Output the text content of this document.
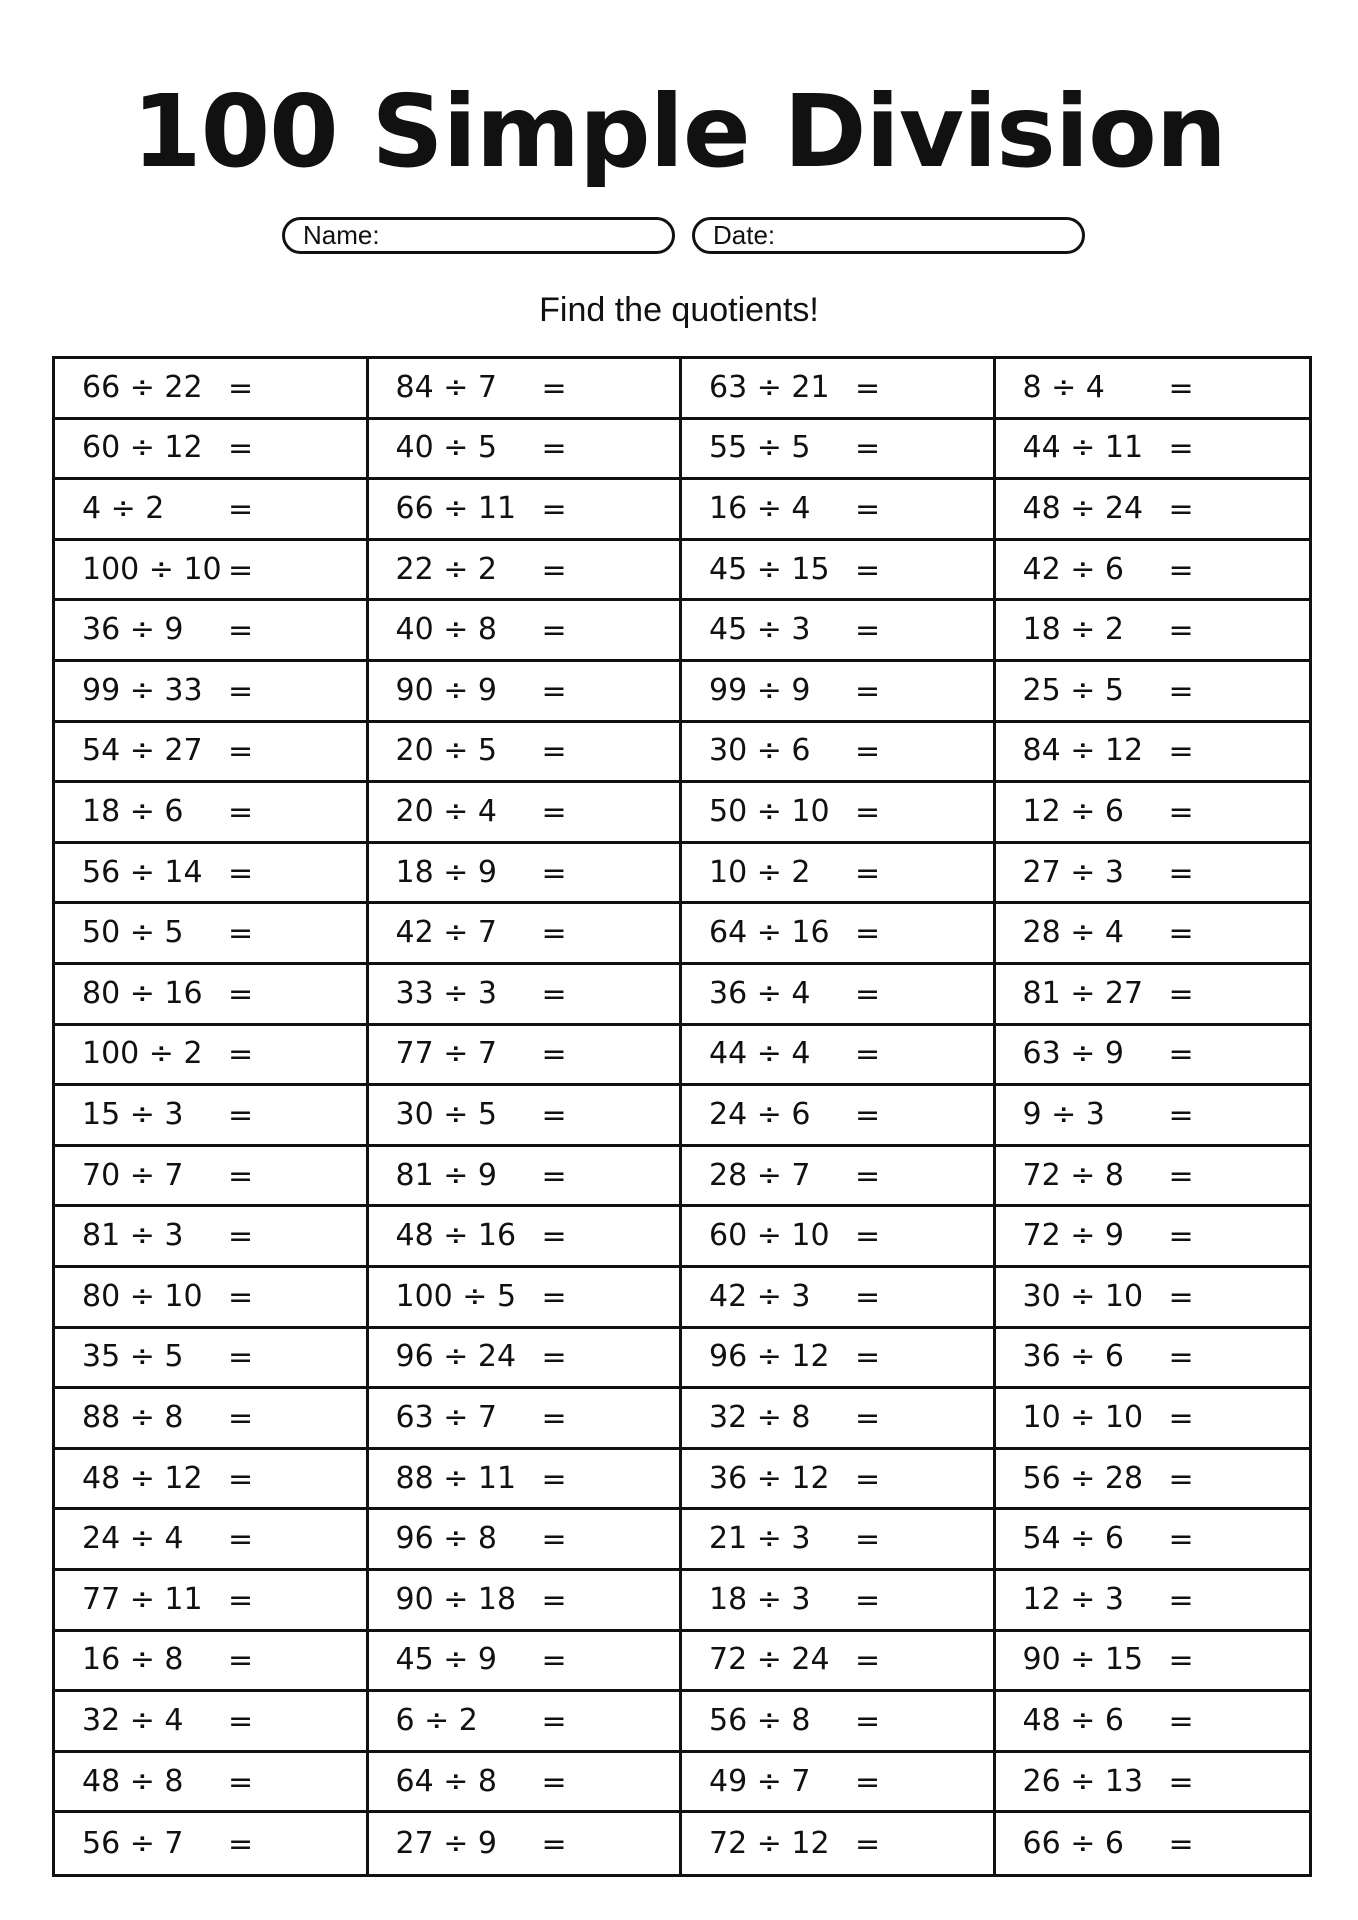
100 Simple Division
Name:	Date:
Find the quotients!
66 ÷ 22 =	84 ÷ 7 =	63 ÷ 21 =	8 ÷ 4 =
60 ÷ 12 =	40 ÷ 5 =	55 ÷ 5 =	44 ÷ 11 =
4 ÷ 2 =	66 ÷ 11 =	16 ÷ 4 =	48 ÷ 24 =
100 ÷ 10 =	22 ÷ 2 =	45 ÷ 15 =	42 ÷ 6 =
36 ÷ 9 =	40 ÷ 8 =	45 ÷ 3 =	18 ÷ 2 =
99 ÷ 33 =	90 ÷ 9 =	99 ÷ 9 =	25 ÷ 5 =
54 ÷ 27 =	20 ÷ 5 =	30 ÷ 6 =	84 ÷ 12 =
18 ÷ 6 =	20 ÷ 4 =	50 ÷ 10 =	12 ÷ 6 =
56 ÷ 14 =	18 ÷ 9 =	10 ÷ 2 =	27 ÷ 3 =
50 ÷ 5 =	42 ÷ 7 =	64 ÷ 16 =	28 ÷ 4 =
80 ÷ 16 =	33 ÷ 3 =	36 ÷ 4 =	81 ÷ 27 =
100 ÷ 2 =	77 ÷ 7 =	44 ÷ 4 =	63 ÷ 9 =
15 ÷ 3 =	30 ÷ 5 =	24 ÷ 6 =	9 ÷ 3 =
70 ÷ 7 =	81 ÷ 9 =	28 ÷ 7 =	72 ÷ 8 =
81 ÷ 3 =	48 ÷ 16 =	60 ÷ 10 =	72 ÷ 9 =
80 ÷ 10 =	100 ÷ 5 =	42 ÷ 3 =	30 ÷ 10 =
35 ÷ 5 =	96 ÷ 24 =	96 ÷ 12 =	36 ÷ 6 =
88 ÷ 8 =	63 ÷ 7 =	32 ÷ 8 =	10 ÷ 10 =
48 ÷ 12 =	88 ÷ 11 =	36 ÷ 12 =	56 ÷ 28 =
24 ÷ 4 =	96 ÷ 8 =	21 ÷ 3 =	54 ÷ 6 =
77 ÷ 11 =	90 ÷ 18 =	18 ÷ 3 =	12 ÷ 3 =
16 ÷ 8 =	45 ÷ 9 =	72 ÷ 24 =	90 ÷ 15 =
32 ÷ 4 =	6 ÷ 2 =	56 ÷ 8 =	48 ÷ 6 =
48 ÷ 8 =	64 ÷ 8 =	49 ÷ 7 =	26 ÷ 13 =
56 ÷ 7 =	27 ÷ 9 =	72 ÷ 12 =	66 ÷ 6 =
